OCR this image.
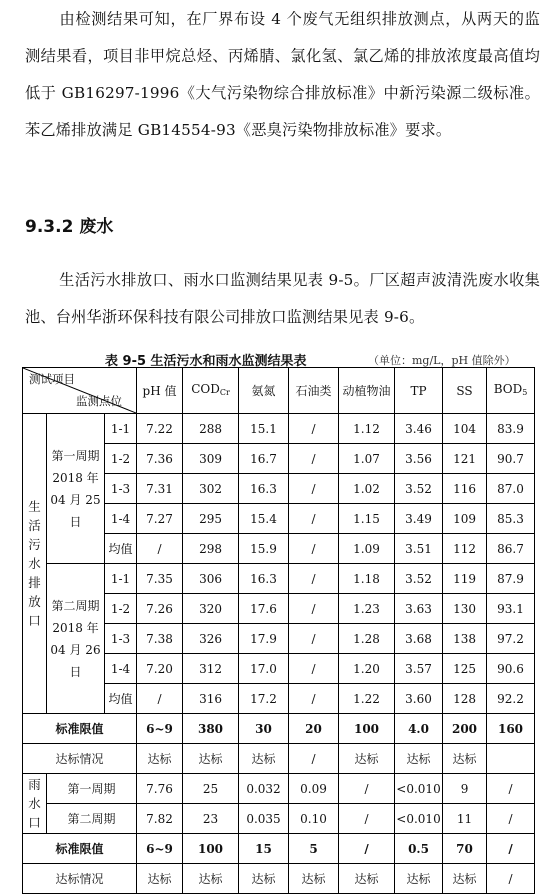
由检测结果可知，在厂界布设 4 个废气无组织排放测点，从两天的监测结果看，项目非甲烷总烃、丙烯腈、氯化氢、氯乙烯的排放浓度最高值均低于 GB16297-1996《大气污染物综合排放标准》中新污染源二级标准。苯乙烯排放满足 GB14554-93《恶臭污染物排放标准》要求。

9.3.2 废水

生活污水排放口、雨水口监测结果见表 9-5。厂区超声波清洗废水收集池、台州华浙环保科技有限公司排放口监测结果见表 9-6。

表 9-5 生活污水和雨水监测结果表	（单位：mg/L，pH 值除外）
测试项目
监测点位			pH 值	$COD_{Cr}$	氨氮	石油类	动植物油	TP	SS	$BOD_5$
生活污水排放口	第一周期 2018 年 04 月 25 日	1-1	7.22	288	15.1	/	1.12	3.46	104	83.9
		1-2	7.36	309	16.7	/	1.07	3.56	121	90.7
		1-3	7.31	302	16.3	/	1.02	3.52	116	87.0
		1-4	7.27	295	15.4	/	1.15	3.49	109	85.3
		均值	/	298	15.9	/	1.09	3.51	112	86.7
	第二周期 2018 年 04 月 26 日	1-1	7.35	306	16.3	/	1.18	3.52	119	87.9
		1-2	7.26	320	17.6	/	1.23	3.63	130	93.1
		1-3	7.38	326	17.9	/	1.28	3.68	138	97.2
		1-4	7.20	312	17.0	/	1.20	3.57	125	90.6
		均值	/	316	17.2	/	1.22	3.60	128	92.2
标准限值			6~9	380	30	20	100	4.0	200	160
达标情况			达标	达标	达标	/	达标	达标	达标	
雨水口	第一周期		7.76	25	0.032	0.09	/	<0.010	9	/
	第二周期		7.82	23	0.035	0.10	/	<0.010	11	/
标准限值			6~9	100	15	5	/	0.5	70	/
达标情况			达标	达标	达标	达标	达标	达标	达标	/
